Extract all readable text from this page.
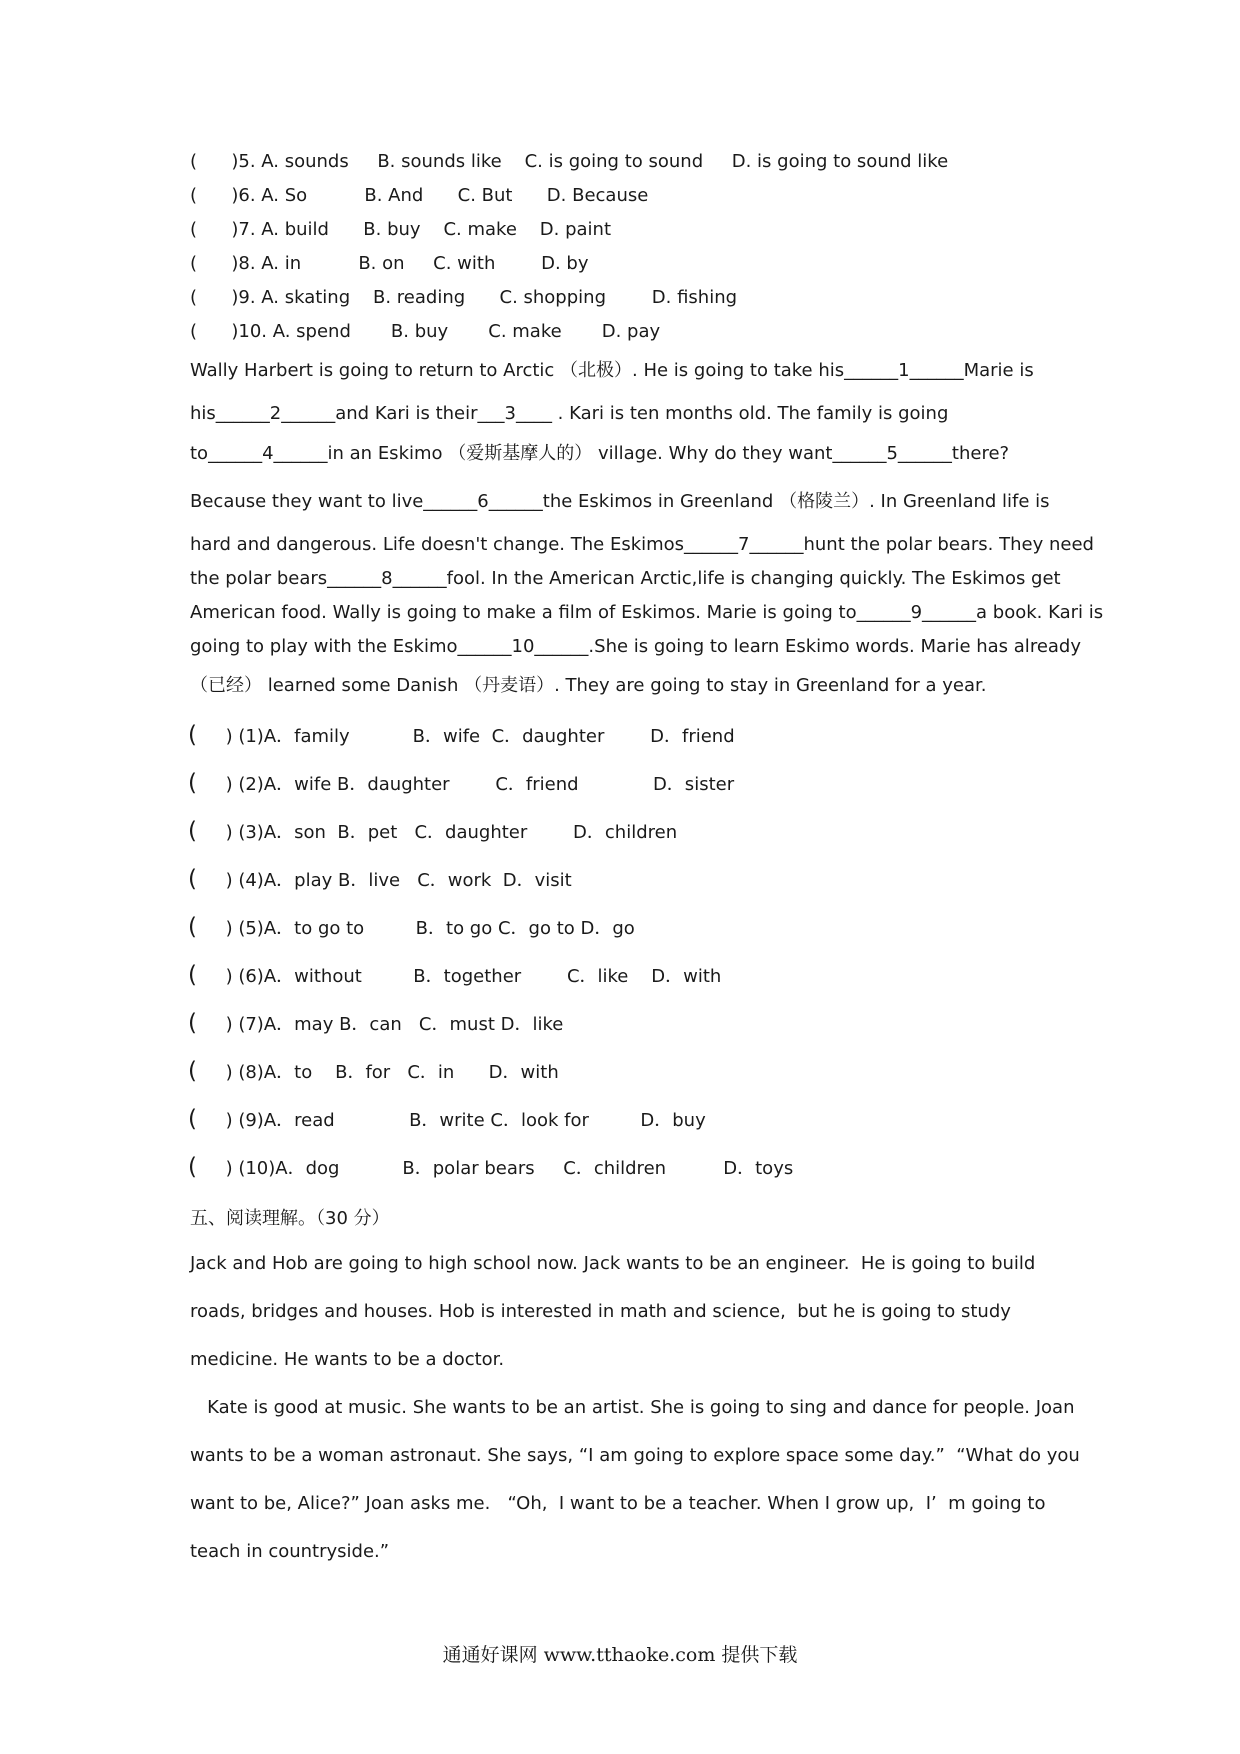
(      )5. A. sounds     B. sounds like    C. is going to sound     D. is going to sound like
(      )6. A. So          B. And      C. But      D. Because
(      )7. A. build      B. buy    C. make    D. paint
(      )8. A. in          B. on     C. with        D. by
(      )9. A. skating    B. reading      C. shopping        D. fishing
(      )10. A. spend       B. buy       C. make       D. pay
Wally Harbert is going to return to Arctic （北极）. He is going to take his______1______Marie is
his______2______and Kari is their___3____ . Kari is ten months old. The family is going
to______4______in an Eskimo （爱斯基摩人的） village. Why do they want______5______there?
Because they want to live______6______the Eskimos in Greenland （格陵兰）. In Greenland life is
hard and dangerous. Life doesn't change. The Eskimos______7______hunt the polar bears. They need
the polar bears______8______fool. In the American Arctic,life is changing quickly. The Eskimos get
American food. Wally is going to make a film of Eskimos. Marie is going to______9______a book. Kari is
going to play with the Eskimo______10______.She is going to learn Eskimo words. Marie has already
（已经） learned some Danish （丹麦语）. They are going to stay in Greenland for a year.
(     ) (1)A．family           B．wife  C．daughter        D．friend
(     ) (2)A．wife B．daughter        C．friend             D．sister
(     ) (3)A．son  B．pet   C．daughter        D．children
(     ) (4)A．play B．live   C．work  D．visit
(     ) (5)A．to go to         B．to go C．go to D．go
(     ) (6)A．without         B．together        C．like    D．with
(     ) (7)A．may B．can   C．must D．like
(     ) (8)A．to    B．for   C．in      D．with
(     ) (9)A．read             B．write C．look for         D．buy
(     ) (10)A．dog           B．polar bears     C．children          D．toys
五、阅读理解。（30 分）
Jack and Hob are going to high school now. Jack wants to be an engineer.  He is going to build
roads, bridges and houses. Hob is interested in math and science,  but he is going to study
medicine. He wants to be a doctor.
Kate is good at music. She wants to be an artist. She is going to sing and dance for people. Joan
wants to be a woman astronaut. She says, “I am going to explore space some day.”  “What do you
want to be, Alice?” Joan asks me.   “Oh,  I want to be a teacher. When I grow up,  I’  m going to
teach in countryside.”
通通好课网 www.tthaoke.com 提供下载
